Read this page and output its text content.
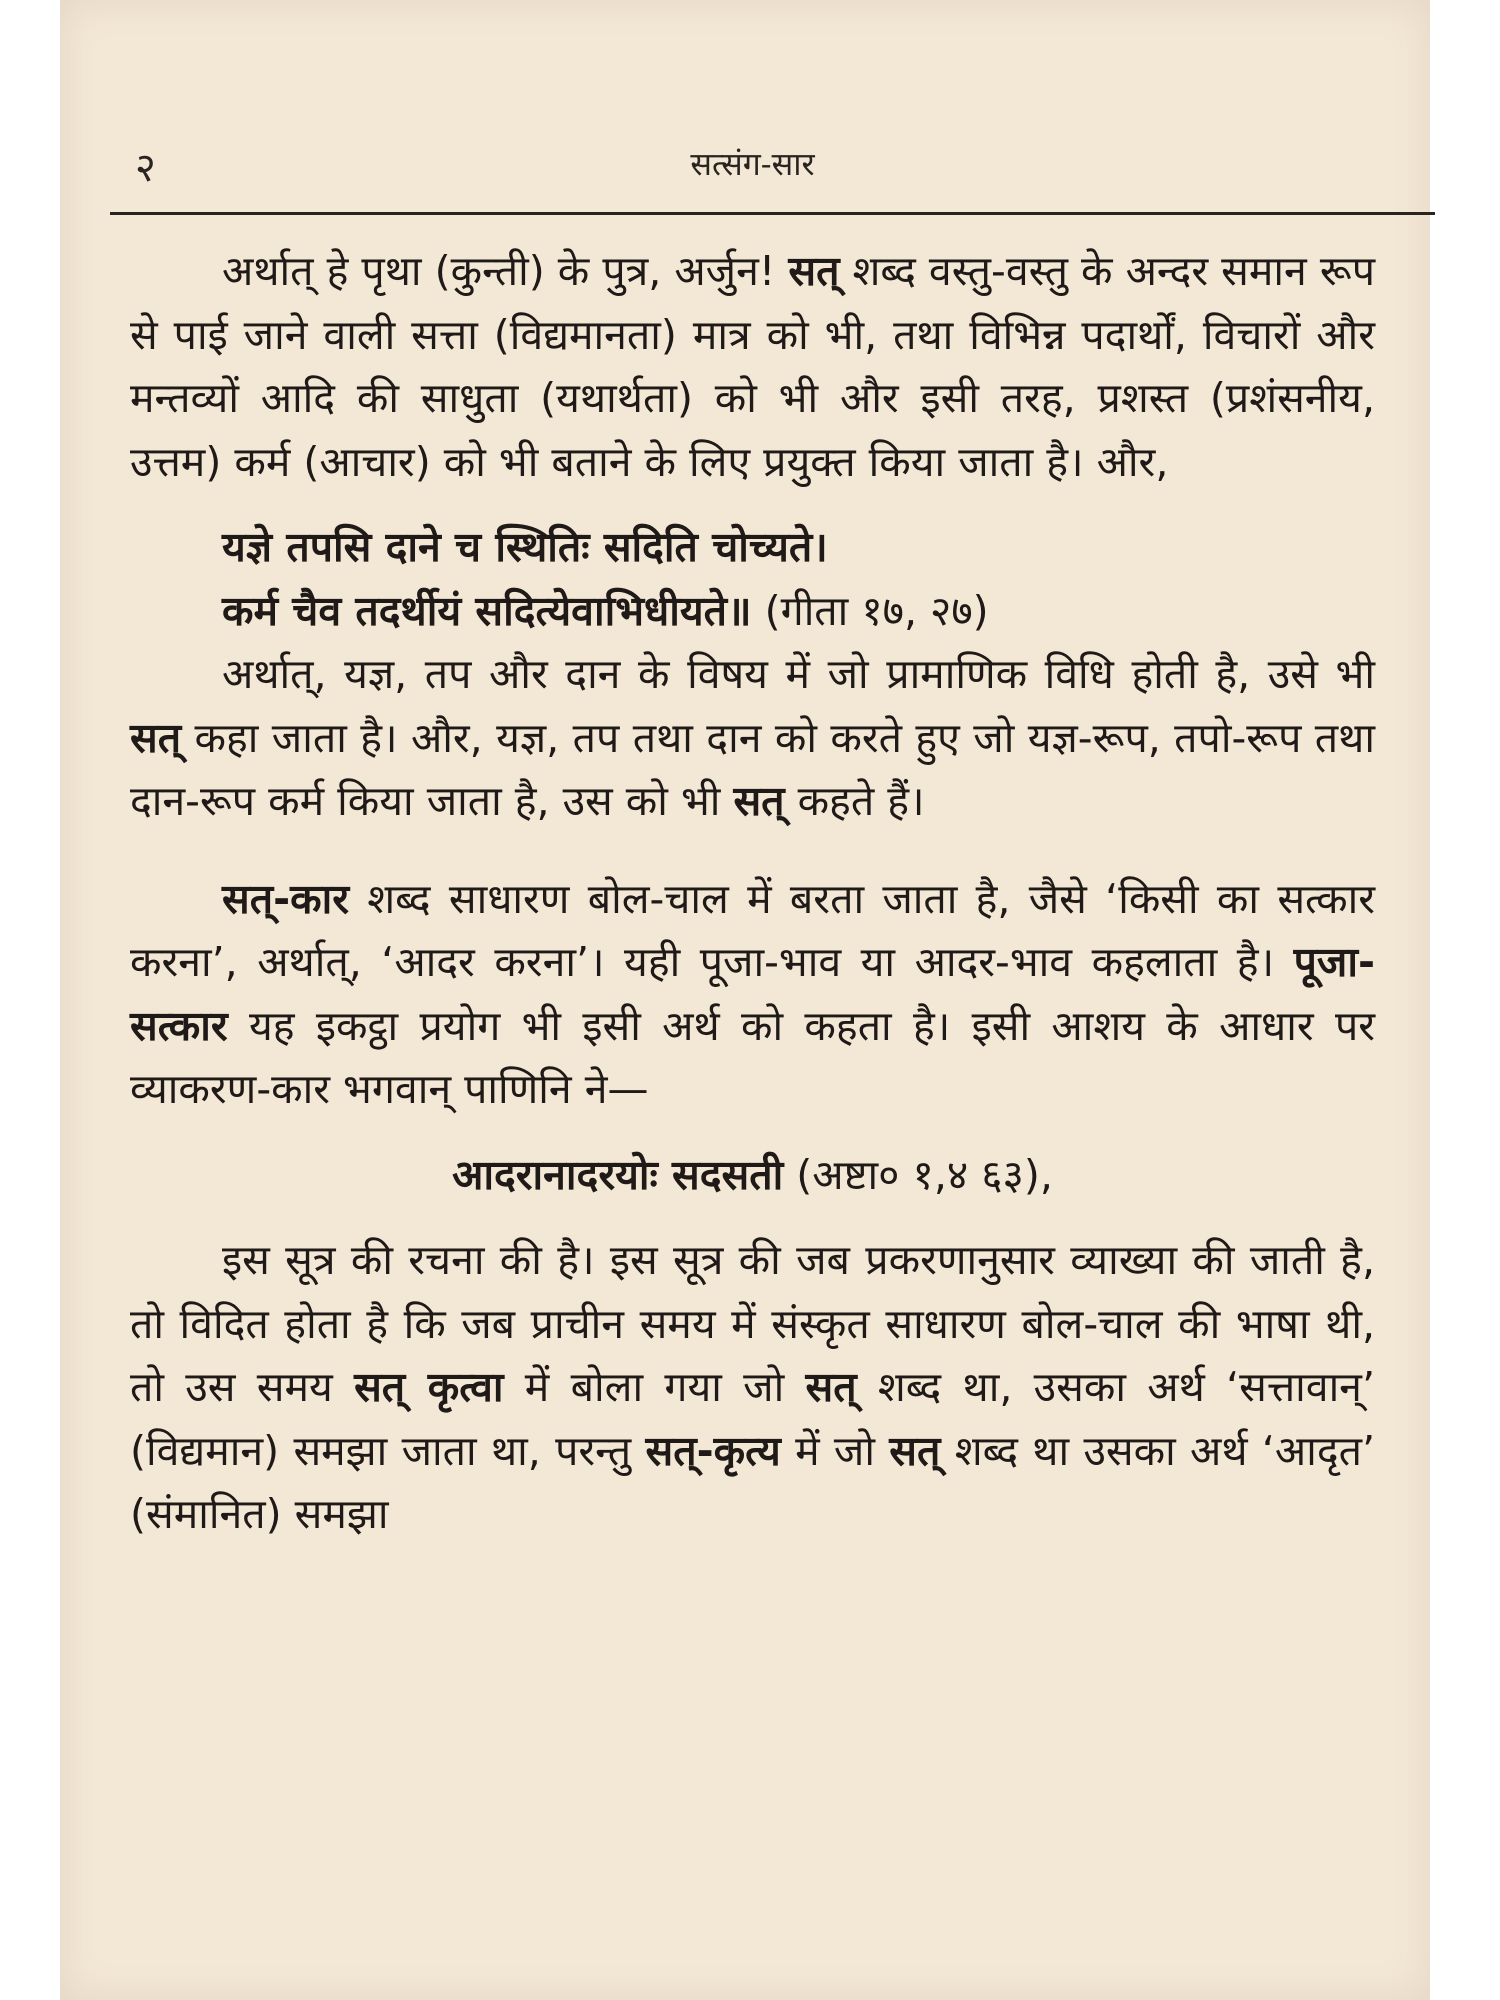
२	सत्संग-सार

अर्थात् हे पृथा (कुन्ती) के पुत्र, अर्जुन! सत् शब्द वस्तु-वस्तु के अन्दर समान रूप से पाई जाने वाली सत्ता (विद्यमानता) मात्र को भी, तथा विभिन्न पदार्थों, विचारों और मन्तव्यों आदि की साधुता (यथार्थता) को भी और इसी तरह, प्रशस्त (प्रशंसनीय, उत्तम) कर्म (आचार) को भी बताने के लिए प्रयुक्त किया जाता है। और,

यज्ञे तपसि दाने च स्थितिः सदिति चोच्यते।

कर्म चैव तदर्थीयं सदित्येवाभिधीयते॥ (गीता १७, २७)

अर्थात्, यज्ञ, तप और दान के विषय में जो प्रामाणिक विधि होती है, उसे भी सत् कहा जाता है। और, यज्ञ, तप तथा दान को करते हुए जो यज्ञ-रूप, तपो-रूप तथा दान-रूप कर्म किया जाता है, उस को भी सत् कहते हैं।

सत्-कार शब्द साधारण बोल-चाल में बरता जाता है, जैसे ‘किसी का सत्कार करना’, अर्थात्, ‘आदर करना’। यही पूजा-भाव या आदर-भाव कहलाता है। पूजा-सत्कार यह इकट्ठा प्रयोग भी इसी अर्थ को कहता है। इसी आशय के आधार पर व्याकरण-कार भगवान् पाणिनि ने—

आदरानादरयोः सदसती (अष्टा० १,४ ६३),

इस सूत्र की रचना की है। इस सूत्र की जब प्रकरणानुसार व्याख्या की जाती है, तो विदित होता है कि जब प्राचीन समय में संस्कृत साधारण बोल-चाल की भाषा थी, तो उस समय सत् कृत्वा में बोला गया जो सत् शब्द था, उसका अर्थ ‘सत्तावान्’ (विद्यमान) समझा जाता था, परन्तु सत्-कृत्य में जो सत् शब्द था उसका अर्थ ‘आदृत’ (संमानित) समझा
